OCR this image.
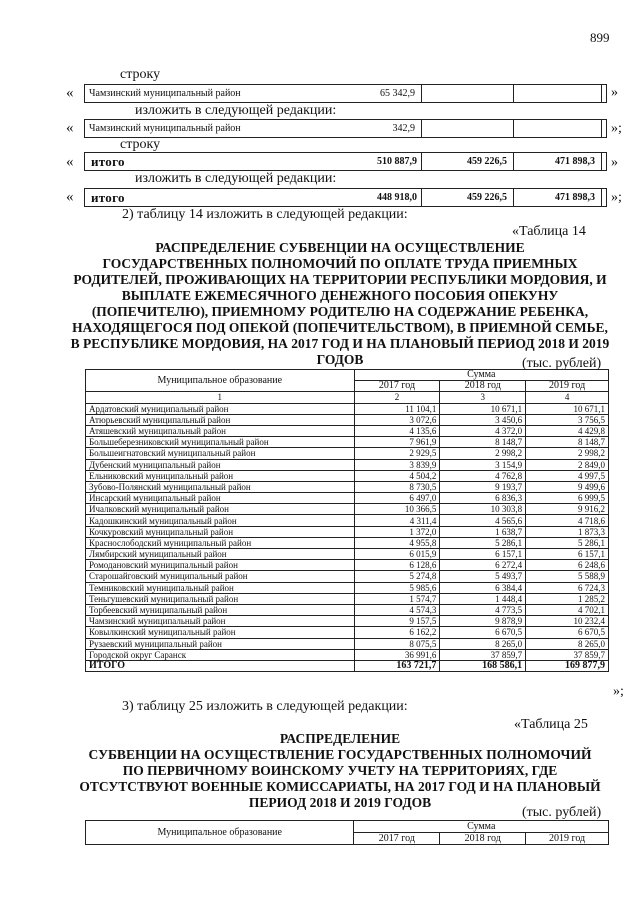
899
строку
«	Чамзинский муниципальный район	65 342,9	»
изложить в следующей редакции:
«	Чамзинский муниципальный район	342,9	»;
строку
«	итого	510 887,9	459 226,5	471 898,3 »
изложить в следующей редакции:
«	итого	448 918,0	459 226,5	471 898,3 »;
2) таблицу 14 изложить в следующей редакции:
«Таблица 14
РАСПРЕДЕЛЕНИЕ СУБВЕНЦИИ НА ОСУЩЕСТВЛЕНИЕ
ГОСУДАРСТВЕННЫХ ПОЛНОМОЧИЙ ПО ОПЛАТЕ ТРУДА ПРИЕМНЫХ
РОДИТЕЛЕЙ, ПРОЖИВАЮЩИХ НА ТЕРРИТОРИИ РЕСПУБЛИКИ МОРДОВИЯ, И
ВЫПЛАТЕ ЕЖЕМЕСЯЧНОГО ДЕНЕЖНОГО ПОСОБИЯ ОПЕКУНУ
(ПОПЕЧИТЕЛЮ), ПРИЕМНОМУ РОДИТЕЛЮ НА СОДЕРЖАНИЕ РЕБЕНКА,
НАХОДЯЩЕГОСЯ ПОД ОПЕКОЙ (ПОПЕЧИТЕЛЬСТВОМ), В ПРИЕМНОЙ СЕМЬЕ,
В РЕСПУБЛИКЕ МОРДОВИЯ, НА 2017 ГОД И НА ПЛАНОВЫЙ ПЕРИОД 2018 И 2019
ГОДОВ	(тыс. рублей)
Муниципальное образование	Сумма		
	2017 год	2018 год	2019 год
1	2	3	4
Ардатовский муниципальный район	11 104,1	10 671,1	10 671,1
Атюрьевский муниципальный район	3 072,6	3 450,6	3 756,5
Атяшевский муниципальный район	4 135,6	4 372,0	4 429,8
Большеберезниковский муниципальный район	7 961,9	8 148,7	8 148,7
Большеигнатовский муниципальный район	2 929,5	2 998,2	2 998,2
Дубенский муниципальный район	3 839,9	3 154,9	2 849,0
Ельниковский муниципальный район	4 504,2	4 762,8	4 997,5
Зубово-Полянский муниципальный район	8 730,5	9 193,7	9 499,6
Инсарский муниципальный район	6 497,0	6 836,3	6 999,5
Ичалковский муниципальный район	10 366,5	10 303,8	9 916,2
Кадошкинский муниципальный район	4 311,4	4 565,6	4 718,6
Кочкуровский муниципальный район	1 372,0	1 638,7	1 873,3
Краснослободский муниципальный район	4 955,8	5 286,1	5 286,1
Лямбирский муниципальный район	6 015,9	6 157,1	6 157,1
Ромодановский муниципальный район	6 128,6	6 272,4	6 248,6
Старошайговский муниципальный район	5 274,8	5 493,7	5 588,9
Темниковский муниципальный район	5 985,6	6 384,4	6 724,3
Теньгушевский муниципальный район	1 574,7	1 448,4	1 285,2
Торбеевский муниципальный район	4 574,3	4 773,5	4 702,1
Чамзинский муниципальный район	9 157,5	9 878,9	10 232,4
Ковылкинский муниципальный район	6 162,2	6 670,5	6 670,5
Рузаевский муниципальный район	8 075,5	8 265,0	8 265,0
Городской округ Саранск	36 991,6	37 859,7	37 859,7
ИТОГО	163 721,7	168 586,1	169 877,9
»;
3) таблицу 25 изложить в следующей редакции:
«Таблица 25
РАСПРЕДЕЛЕНИЕ
СУБВЕНЦИИ НА ОСУЩЕСТВЛЕНИЕ ГОСУДАРСТВЕННЫХ ПОЛНОМОЧИЙ
ПО ПЕРВИЧНОМУ ВОИНСКОМУ УЧЕТУ НА ТЕРРИТОРИЯХ, ГДЕ
ОТСУТСТВУЮТ ВОЕННЫЕ КОМИССАРИАТЫ, НА 2017 ГОД И НА ПЛАНОВЫЙ
ПЕРИОД 2018 И 2019 ГОДОВ
(тыс. рублей)
Муниципальное образование	Сумма		
	2017 год	2018 год	2019 год
